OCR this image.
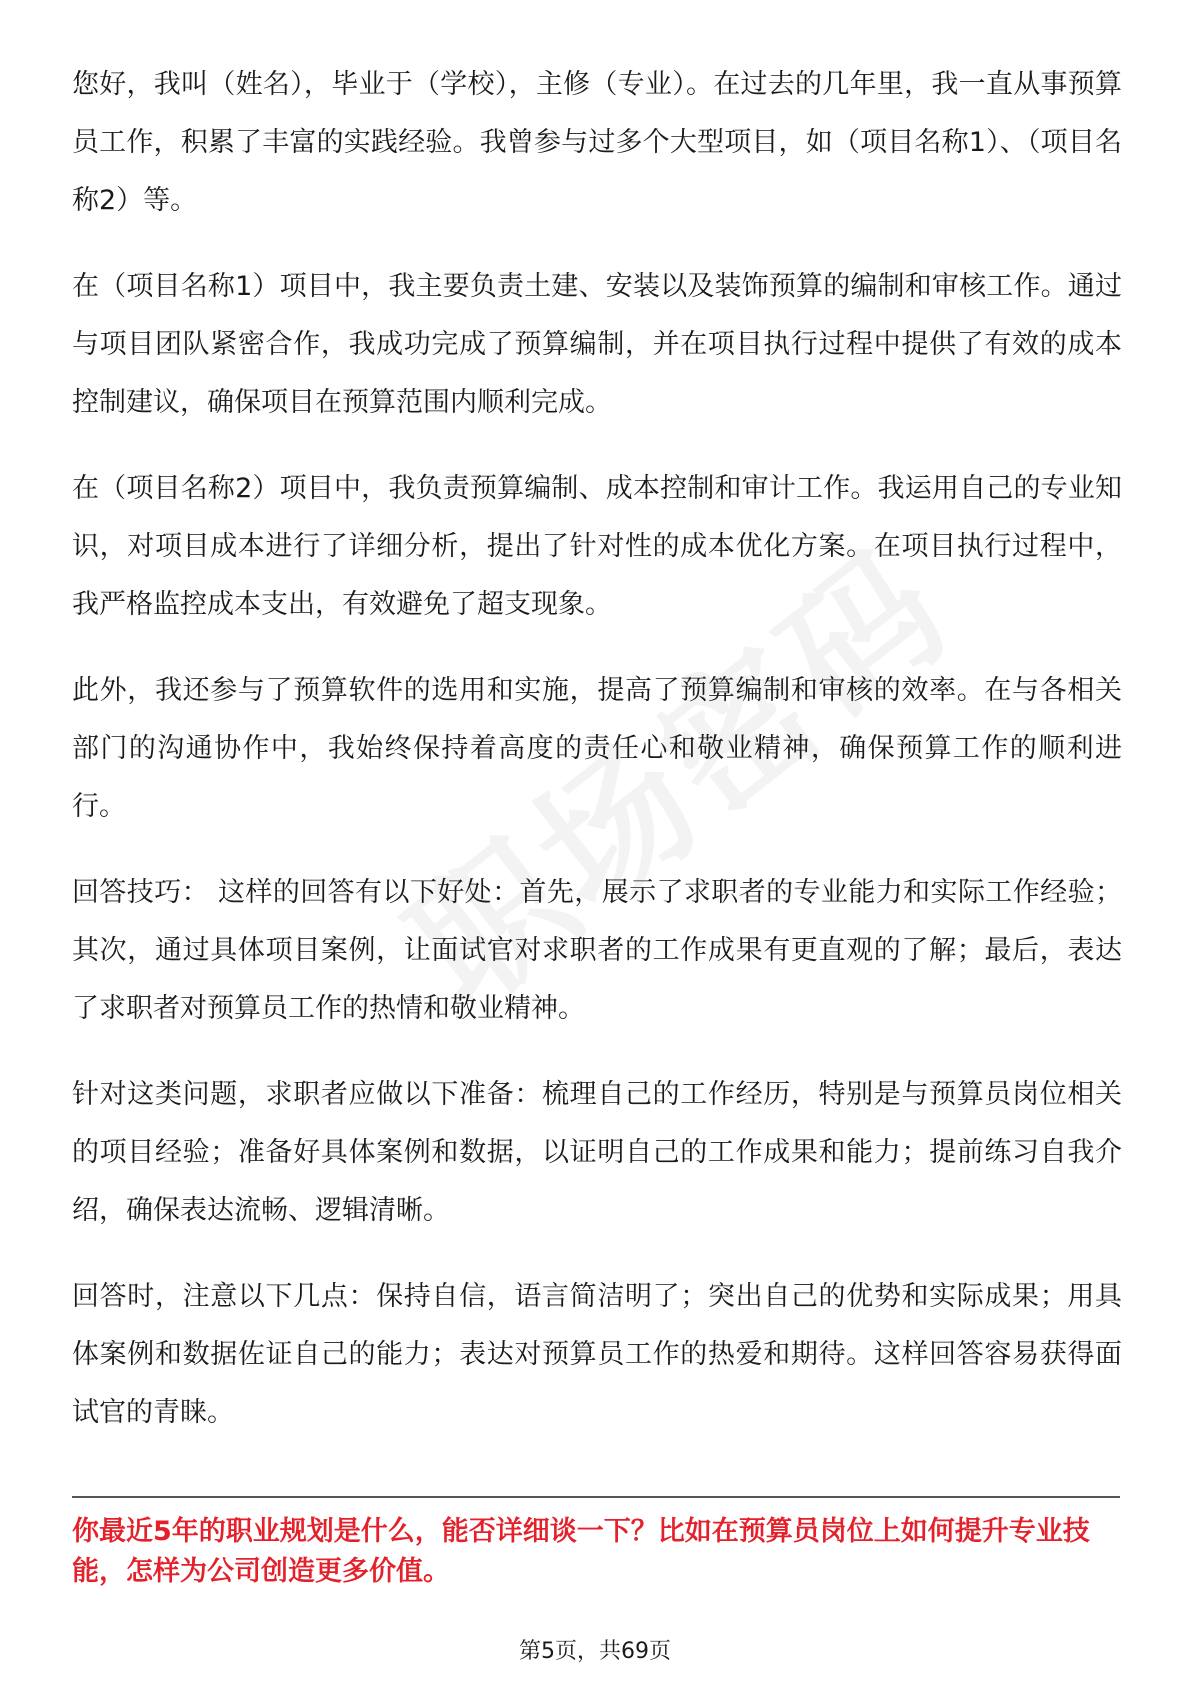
您好，我叫（姓名），毕业于（学校），主修（专业）。在过去的几年里，我一直从事预算员工作，积累了丰富的实践经验。我曾参与过多个大型项目，如（项目名称1）、（项目名称2）等。

在（项目名称1）项目中，我主要负责土建、安装以及装饰预算的编制和审核工作。通过与项目团队紧密合作，我成功完成了预算编制，并在项目执行过程中提供了有效的成本控制建议，确保项目在预算范围内顺利完成。

在（项目名称2）项目中，我负责预算编制、成本控制和审计工作。我运用自己的专业知识，对项目成本进行了详细分析，提出了针对性的成本优化方案。在项目执行过程中，我严格监控成本支出，有效避免了超支现象。

此外，我还参与了预算软件的选用和实施，提高了预算编制和审核的效率。在与各相关部门的沟通协作中，我始终保持着高度的责任心和敬业精神，确保预算工作的顺利进行。

回答技巧： 这样的回答有以下好处：首先，展示了求职者的专业能力和实际工作经验；其次，通过具体项目案例，让面试官对求职者的工作成果有更直观的了解；最后，表达了求职者对预算员工作的热情和敬业精神。

针对这类问题，求职者应做以下准备：梳理自己的工作经历，特别是与预算员岗位相关的项目经验；准备好具体案例和数据，以证明自己的工作成果和能力；提前练习自我介绍，确保表达流畅、逻辑清晰。

回答时，注意以下几点：保持自信，语言简洁明了；突出自己的优势和实际成果；用具体案例和数据佐证自己的能力；表达对预算员工作的热爱和期待。这样回答容易获得面试官的青睐。

你最近5年的职业规划是什么，能否详细谈一下？比如在预算员岗位上如何提升专业技能，怎样为公司创造更多价值。

第5页，共69页
